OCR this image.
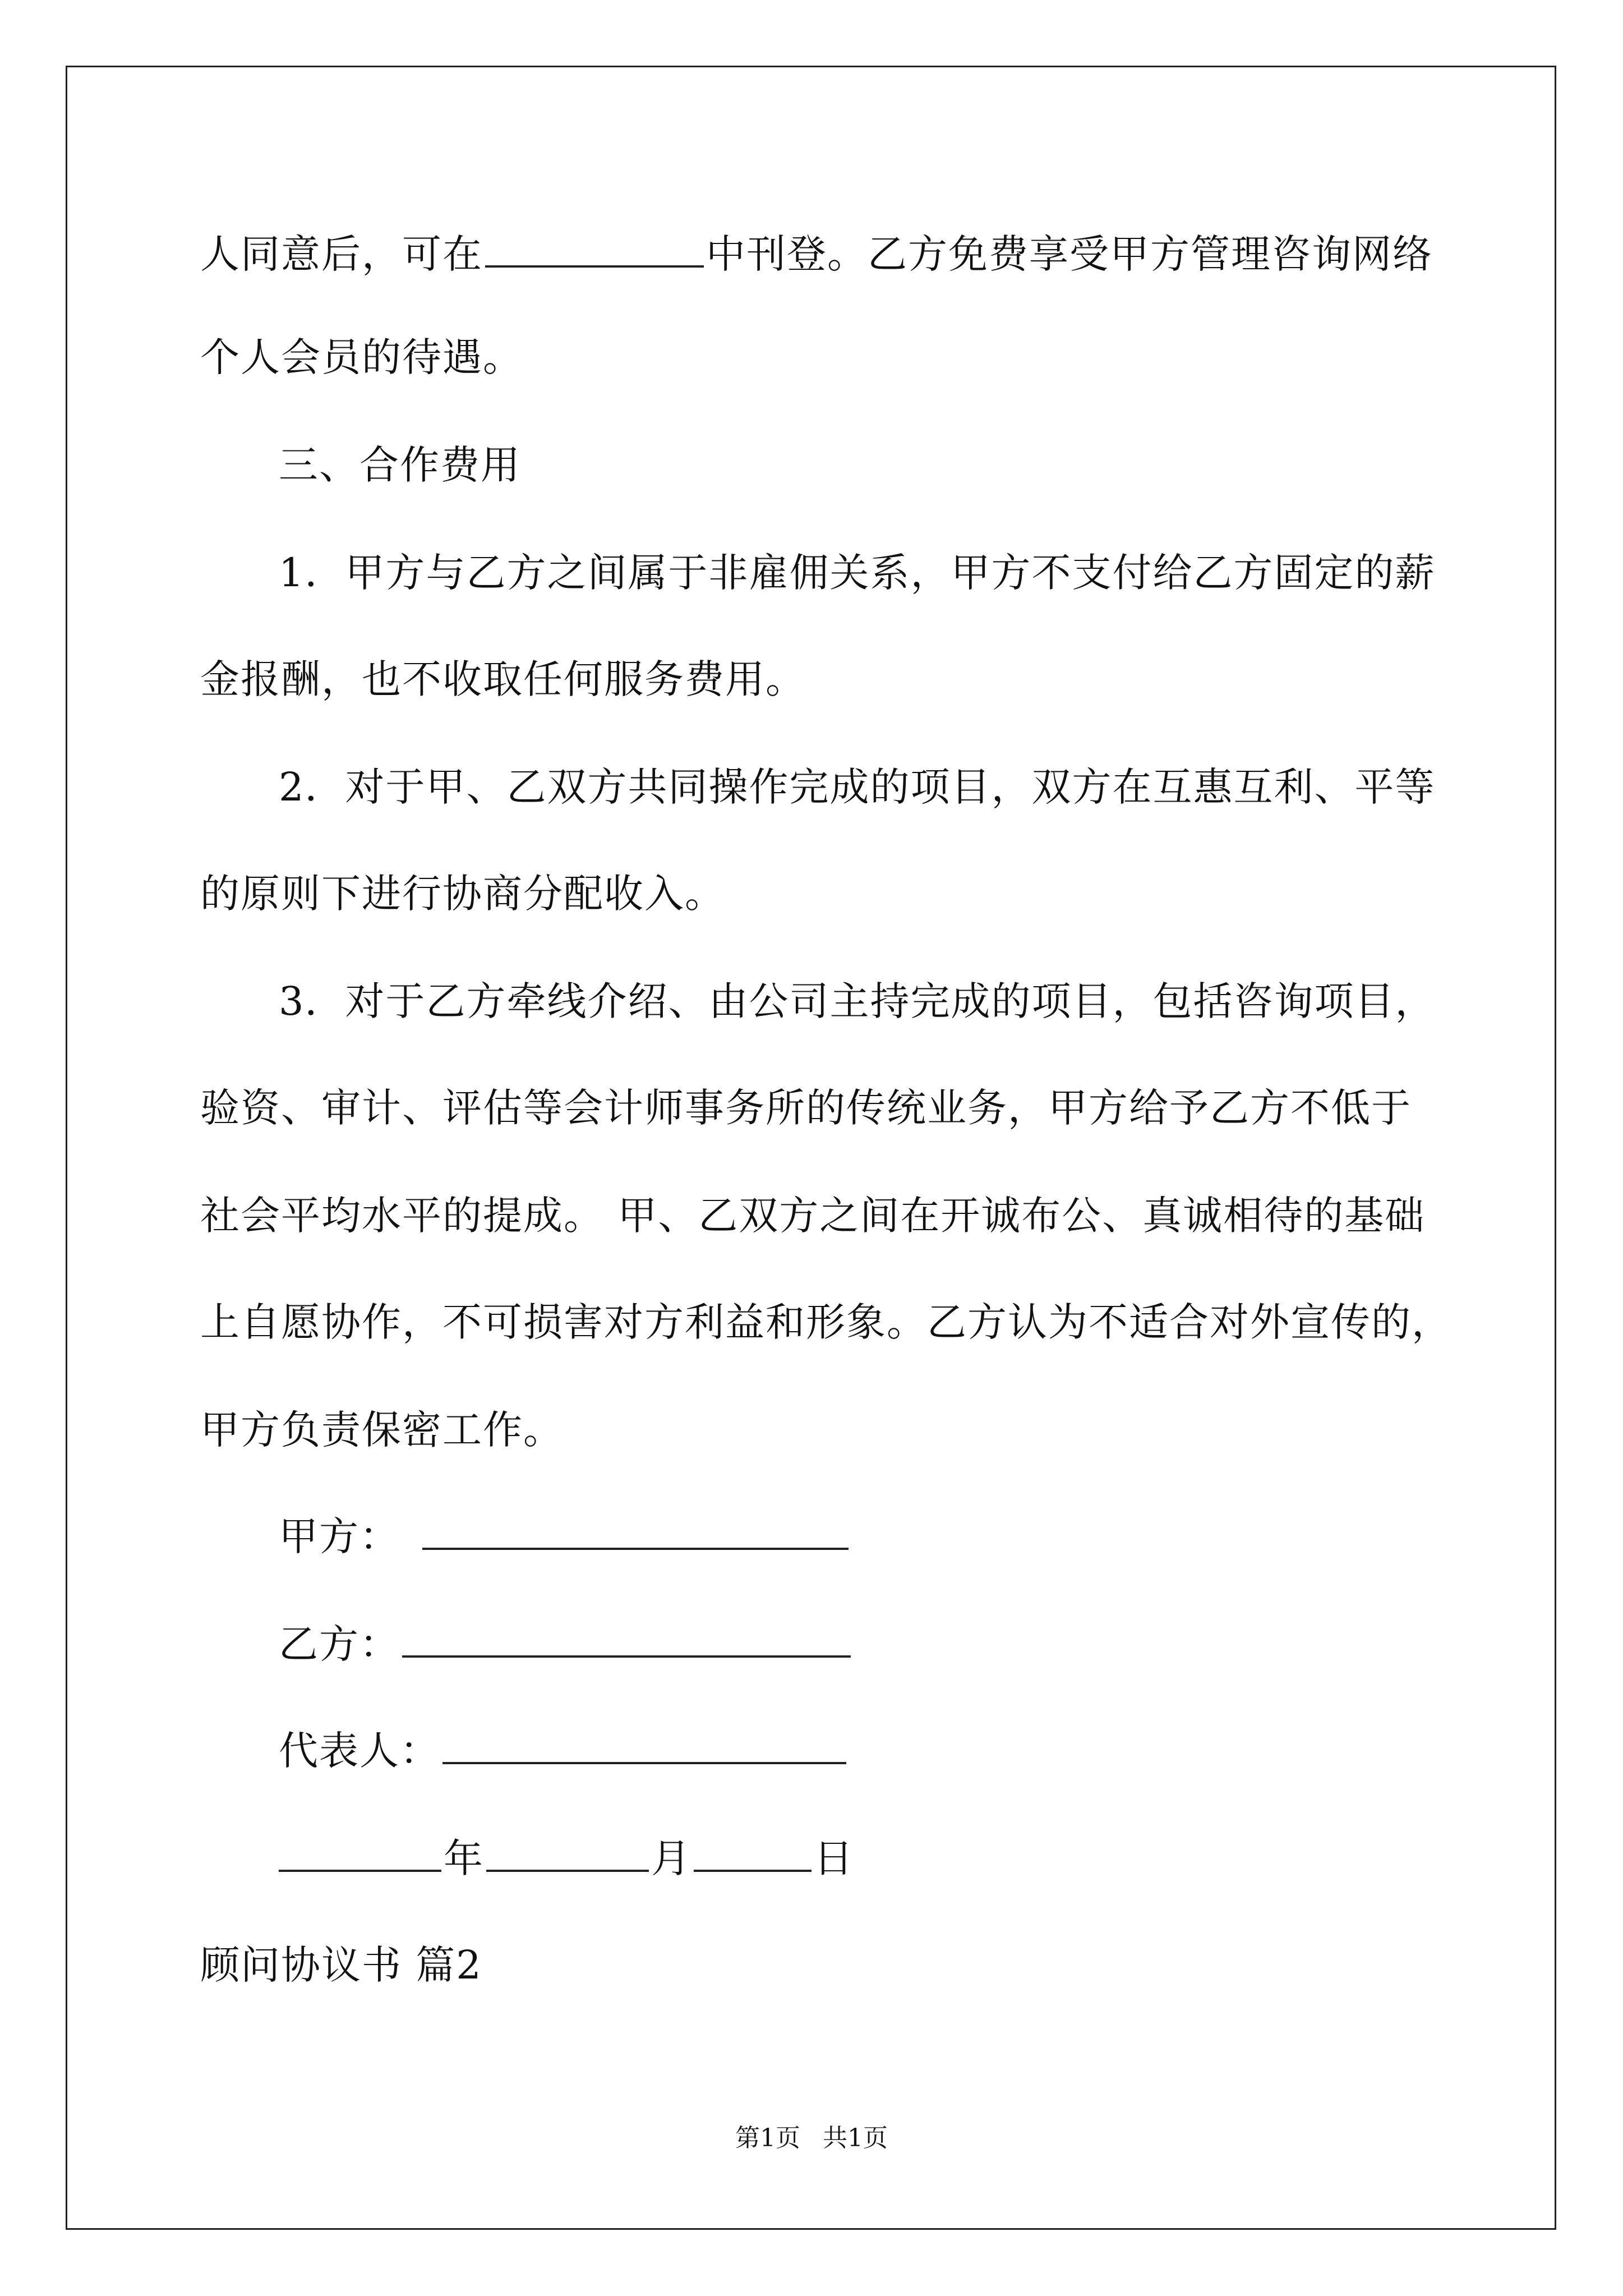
人同意后，可在	中刊登。乙方免费享受甲方管理咨询网络
个人会员的待遇。
三、合作费用
1．甲方与乙方之间属于非雇佣关系，甲方不支付给乙方固定的薪
金报酬，也不收取任何服务费用。
2．对于甲、乙双方共同操作完成的项目，双方在互惠互利、平等
的原则下进行协商分配收入。
3．对于乙方牵线介绍、由公司主持完成的项目，包括咨询项目，
验资、审计、评估等会计师事务所的传统业务，甲方给予乙方不低于
社会平均水平的提成。 甲、乙双方之间在开诚布公、真诚相待的基础
上自愿协作，不可损害对方利益和形象。乙方认为不适合对外宣传的，
甲方负责保密工作。
甲方：
乙方：
代表人：
年	月	日
顾问协议书 篇2
第1页 共1页
